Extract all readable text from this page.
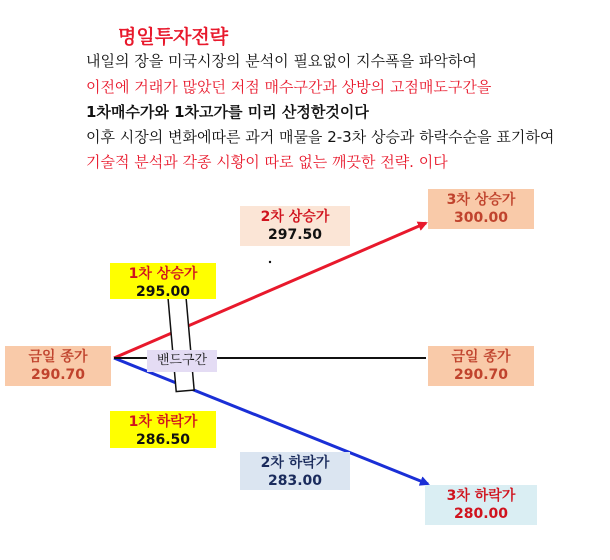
명일투자전략
내일의 장을 미국시장의 분석이 필요없이 지수폭을 파악하여
이전에 거래가 많았던 저점 매수구간과 상방의 고점매도구간을
1차매수가와 1차고가를 미리 산정한것이다
이후 시장의 변화에따른 과거 매물을 2-3차 상승과 하락수순을 표기하여
기술적 분석과 각종 시황이 따로 없는 깨끗한 전략. 이다
밴드구간
금일 종가
290.70
1차 상승가
295.00
2차 상승가
297.50
3차 상승가
300.00
금일 종가
290.70
1차 하락가
286.50
2차 하락가
283.00
3차 하락가
280.00
